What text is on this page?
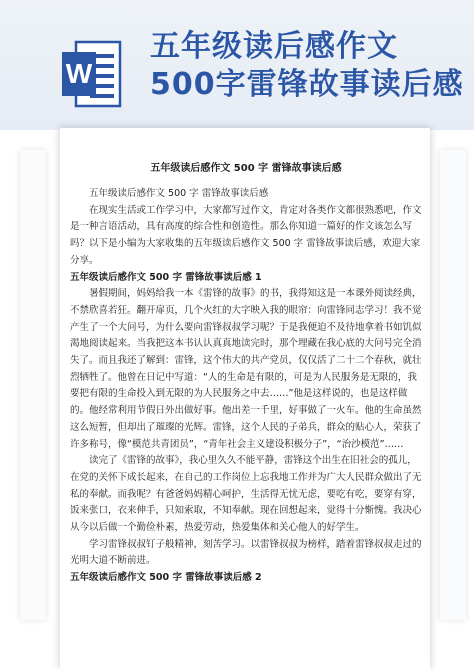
W
五年级读后感作文
500字雷锋故事读后感
五年级读后感作文 500 字 雷锋故事读后感

五年级读后感作文 500 字 雷锋故事读后感

在现实生活或工作学习中，大家都写过作文，肯定对各类作文都很熟悉吧，作文是一种言语活动，具有高度的综合性和创造性。那么你知道一篇好的作文该怎么写吗？以下是小编为大家收集的五年级读后感作文 500 字 雷锋故事读后感，欢迎大家分享。

五年级读后感作文 500 字 雷锋故事读后感 1

暑假期间，妈妈给我一本《雷锋的故事》的书，我得知这是一本课外阅读经典，不禁欣喜若狂。翻开扉页，几个火红的大字映入我的眼帘：向雷锋同志学习！我不觉产生了一个大问号，为什么要向雷锋叔叔学习呢？于是我便迫不及待地拿着书如饥似渴地阅读起来。当我把这本书认认真真地读完时，那个埋藏在我心底的大问号完全消失了。而且我还了解到：雷锋，这个伟大的共产党员，仅仅活了二十二个春秋，就壮烈牺牲了。他曾在日记中写道：“人的生命是有限的，可是为人民服务是无限的，我要把有限的生命投入到无限的为人民服务之中去……”他是这样说的，也是这样做的。他经常利用节假日外出做好事。他出差一千里，好事做了一火车。他的生命虽然这么短暂，但却出了璀璨的光辉。雷锋，这个人民的子弟兵，群众的贴心人，荣获了许多称号，像“模范共青团员”，“青年社会主义建设积极分子”，“治沙模范”……

读完了《雷锋的故事》，我心里久久不能平静，雷锋这个出生在旧社会的孤儿，在党的关怀下成长起来，在自己的工作岗位上忘我地工作并为广大人民群众做出了无私的奉献。而我呢？有爸爸妈妈精心呵护，生活得无忧无虑，要吃有吃，要穿有穿，饭来张口，衣来伸手，只知索取，不知奉献。现在回想起来，觉得十分惭愧。我决心从今以后做一个勤俭朴素，热爱劳动，热爱集体和关心他人的好学生。

学习雷锋叔叔钉子般精神，刻苦学习。以雷锋叔叔为榜样，踏着雷锋叔叔走过的光明大道不断前进。

五年级读后感作文 500 字 雷锋故事读后感 2
